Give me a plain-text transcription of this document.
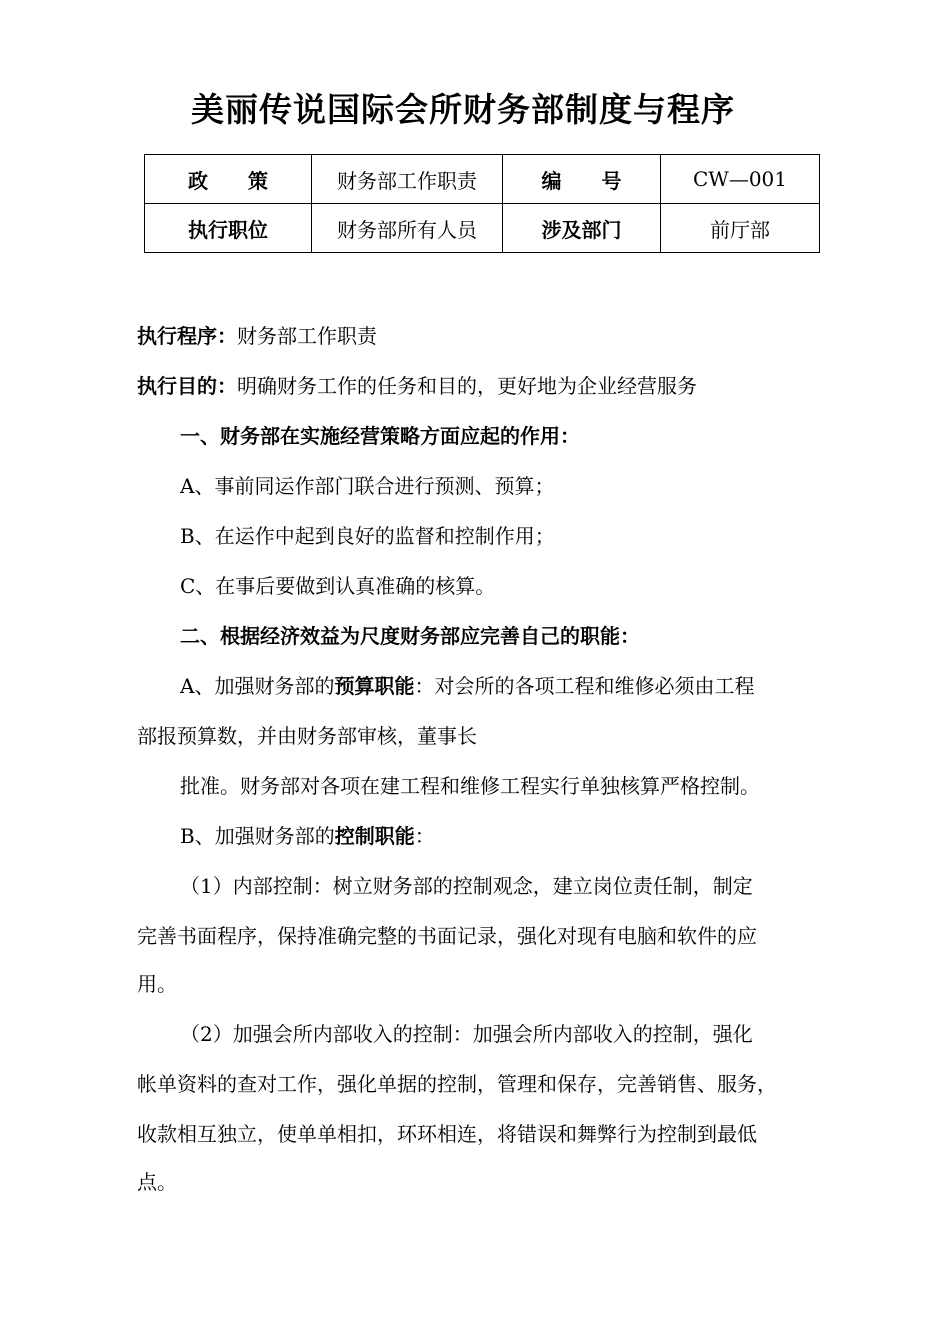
美丽传说国际会所财务部制度与程序
政　　策	财务部工作职责	编　　号	CW—001
执行职位	财务部所有人员	涉及部门	前厅部
执行程序：财务部工作职责
执行目的：明确财务工作的任务和目的，更好地为企业经营服务
一、财务部在实施经营策略方面应起的作用：
A、事前同运作部门联合进行预测、预算；
B、在运作中起到良好的监督和控制作用；
C、在事后要做到认真准确的核算。
二、根据经济效益为尺度财务部应完善自己的职能：
A、加强财务部的预算职能：对会所的各项工程和维修必须由工程
部报预算数，并由财务部审核，董事长
批准。财务部对各项在建工程和维修工程实行单独核算严格控制。
B、加强财务部的控制职能：
（1）内部控制：树立财务部的控制观念，建立岗位责任制，制定
完善书面程序，保持准确完整的书面记录，强化对现有电脑和软件的应
用。
（2）加强会所内部收入的控制：加强会所内部收入的控制，强化
帐单资料的查对工作，强化单据的控制，管理和保存，完善销售、服务，
收款相互独立，使单单相扣，环环相连，将错误和舞弊行为控制到最低
点。
